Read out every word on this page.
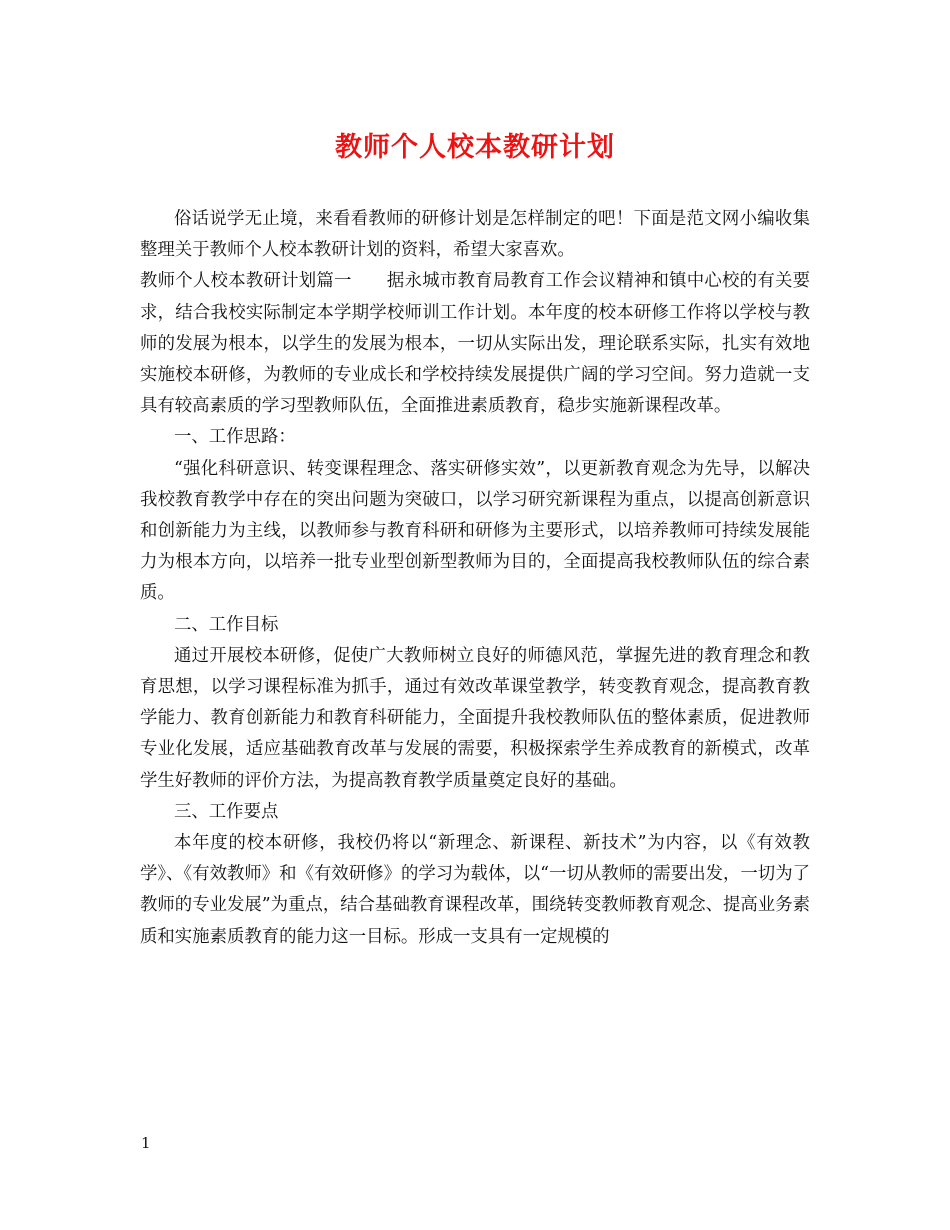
教师个人校本教研计划

俗话说学无止境，来看看教师的研修计划是怎样制定的吧！下面是范文网小编收集整理关于教师个人校本教研计划的资料，希望大家喜欢。

教师个人校本教研计划篇一　　据永城市教育局教育工作会议精神和镇中心校的有关要求，结合我校实际制定本学期学校师训工作计划。本年度的校本研修工作将以学校与教师的发展为根本，以学生的发展为根本，一切从实际出发，理论联系实际，扎实有效地实施校本研修，为教师的专业成长和学校持续发展提供广阔的学习空间。努力造就一支具有较高素质的学习型教师队伍，全面推进素质教育，稳步实施新课程改革。

一、工作思路：

“强化科研意识、转变课程理念、落实研修实效”，以更新教育观念为先导，以解决我校教育教学中存在的突出问题为突破口，以学习研究新课程为重点，以提高创新意识和创新能力为主线，以教师参与教育科研和研修为主要形式，以培养教师可持续发展能力为根本方向，以培养一批专业型创新型教师为目的，全面提高我校教师队伍的综合素质。

二、工作目标

通过开展校本研修，促使广大教师树立良好的师德风范，掌握先进的教育理念和教育思想，以学习课程标准为抓手，通过有效改革课堂教学，转变教育观念，提高教育教学能力、教育创新能力和教育科研能力，全面提升我校教师队伍的整体素质，促进教师专业化发展，适应基础教育改革与发展的需要，积极探索学生养成教育的新模式，改革学生好教师的评价方法，为提高教育教学质量奠定良好的基础。

三、工作要点

本年度的校本研修，我校仍将以“新理念、新课程、新技术”为内容，以《有效教学》、《有效教师》和《有效研修》的学习为载体，以“一切从教师的需要出发，一切为了教师的专业发展”为重点，结合基础教育课程改革，围绕转变教师教育观念、提高业务素质和实施素质教育的能力这一目标。形成一支具有一定规模的

1
